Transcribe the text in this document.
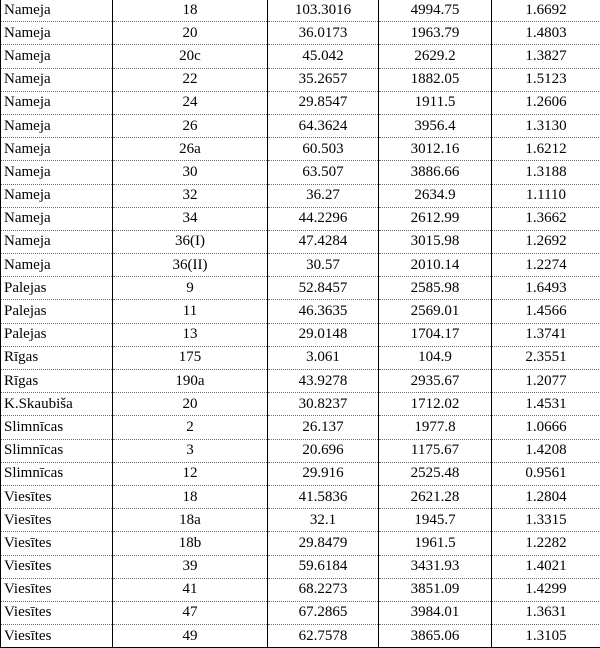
Nameja	18	103.3016	4994.75	1.6692
Nameja	20	36.0173	1963.79	1.4803
Nameja	20c	45.042	2629.2	1.3827
Nameja	22	35.2657	1882.05	1.5123
Nameja	24	29.8547	1911.5	1.2606
Nameja	26	64.3624	3956.4	1.3130
Nameja	26a	60.503	3012.16	1.6212
Nameja	30	63.507	3886.66	1.3188
Nameja	32	36.27	2634.9	1.1110
Nameja	34	44.2296	2612.99	1.3662
Nameja	36(I)	47.4284	3015.98	1.2692
Nameja	36(II)	30.57	2010.14	1.2274
Palejas	9	52.8457	2585.98	1.6493
Palejas	11	46.3635	2569.01	1.4566
Palejas	13	29.0148	1704.17	1.3741
Rīgas	175	3.061	104.9	2.3551
Rīgas	190a	43.9278	2935.67	1.2077
K.Skaubiša	20	30.8237	1712.02	1.4531
Slimnīcas	2	26.137	1977.8	1.0666
Slimnīcas	3	20.696	1175.67	1.4208
Slimnīcas	12	29.916	2525.48	0.9561
Viesītes	18	41.5836	2621.28	1.2804
Viesītes	18a	32.1	1945.7	1.3315
Viesītes	18b	29.8479	1961.5	1.2282
Viesītes	39	59.6184	3431.93	1.4021
Viesītes	41	68.2273	3851.09	1.4299
Viesītes	47	67.2865	3984.01	1.3631
Viesītes	49	62.7578	3865.06	1.3105
